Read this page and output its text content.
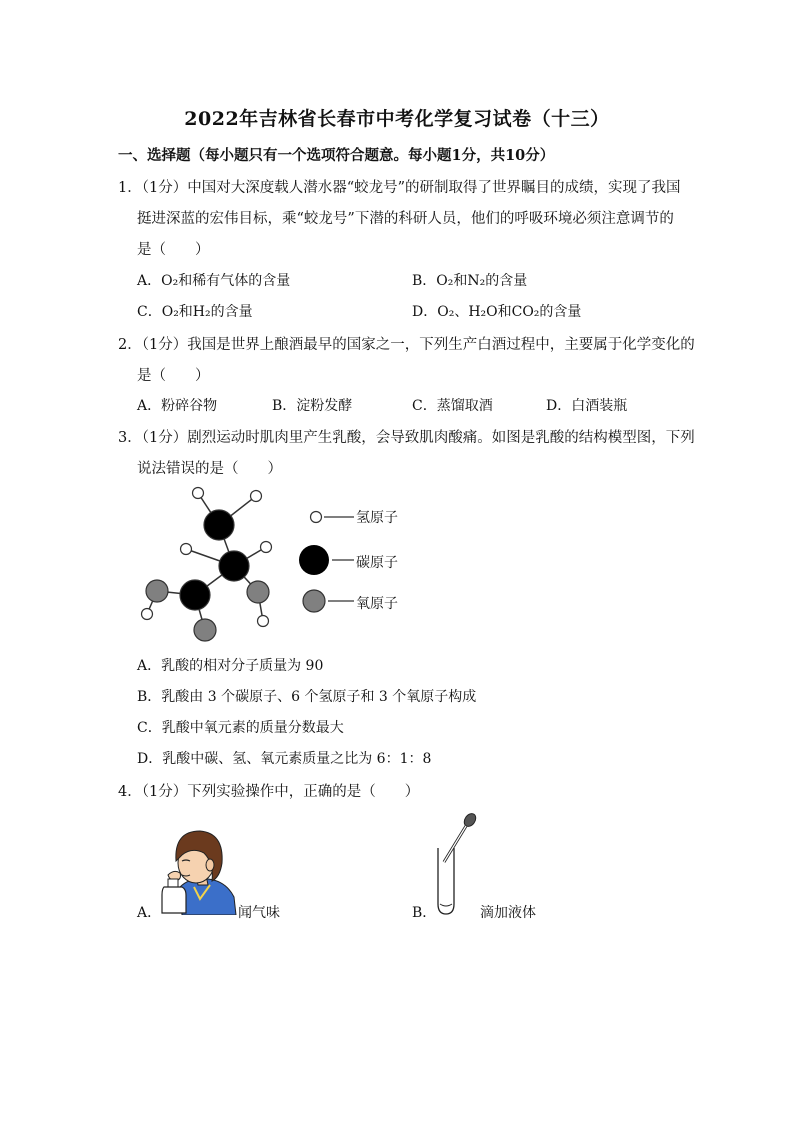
2022年吉林省长春市中考化学复习试卷（十三）
一、选择题（每小题只有一个选项符合题意。每小题1分，共10分）
1．（1分）中国对大深度载人潜水器“蛟龙号”的研制取得了世界瞩目的成绩，实现了我国
挺进深蓝的宏伟目标，乘“蛟龙号”下潜的科研人员，他们的呼吸环境必须注意调节的
是（　　）
A．O₂和稀有气体的含量	B．O₂和N₂的含量
C．O₂和H₂的含量	D．O₂、H₂O和CO₂的含量
2．（1分）我国是世界上酿酒最早的国家之一，下列生产白酒过程中，主要属于化学变化的
是（　　）
A．粉碎谷物	B．淀粉发酵	C．蒸馏取酒	D．白酒装瓶
3．（1分）剧烈运动时肌肉里产生乳酸，会导致肌肉酸痛。如图是乳酸的结构模型图，下列
说法错误的是（　　）
氢原子
碳原子
氧原子
A．乳酸的相对分子质量为 90
B．乳酸由 3 个碳原子、6 个氢原子和 3 个氧原子构成
C．乳酸中氧元素的质量分数最大
D．乳酸中碳、氢、氧元素质量之比为 6：1：8
4．（1分）下列实验操作中，正确的是（　　）
A．	闻气味	B．	滴加液体
